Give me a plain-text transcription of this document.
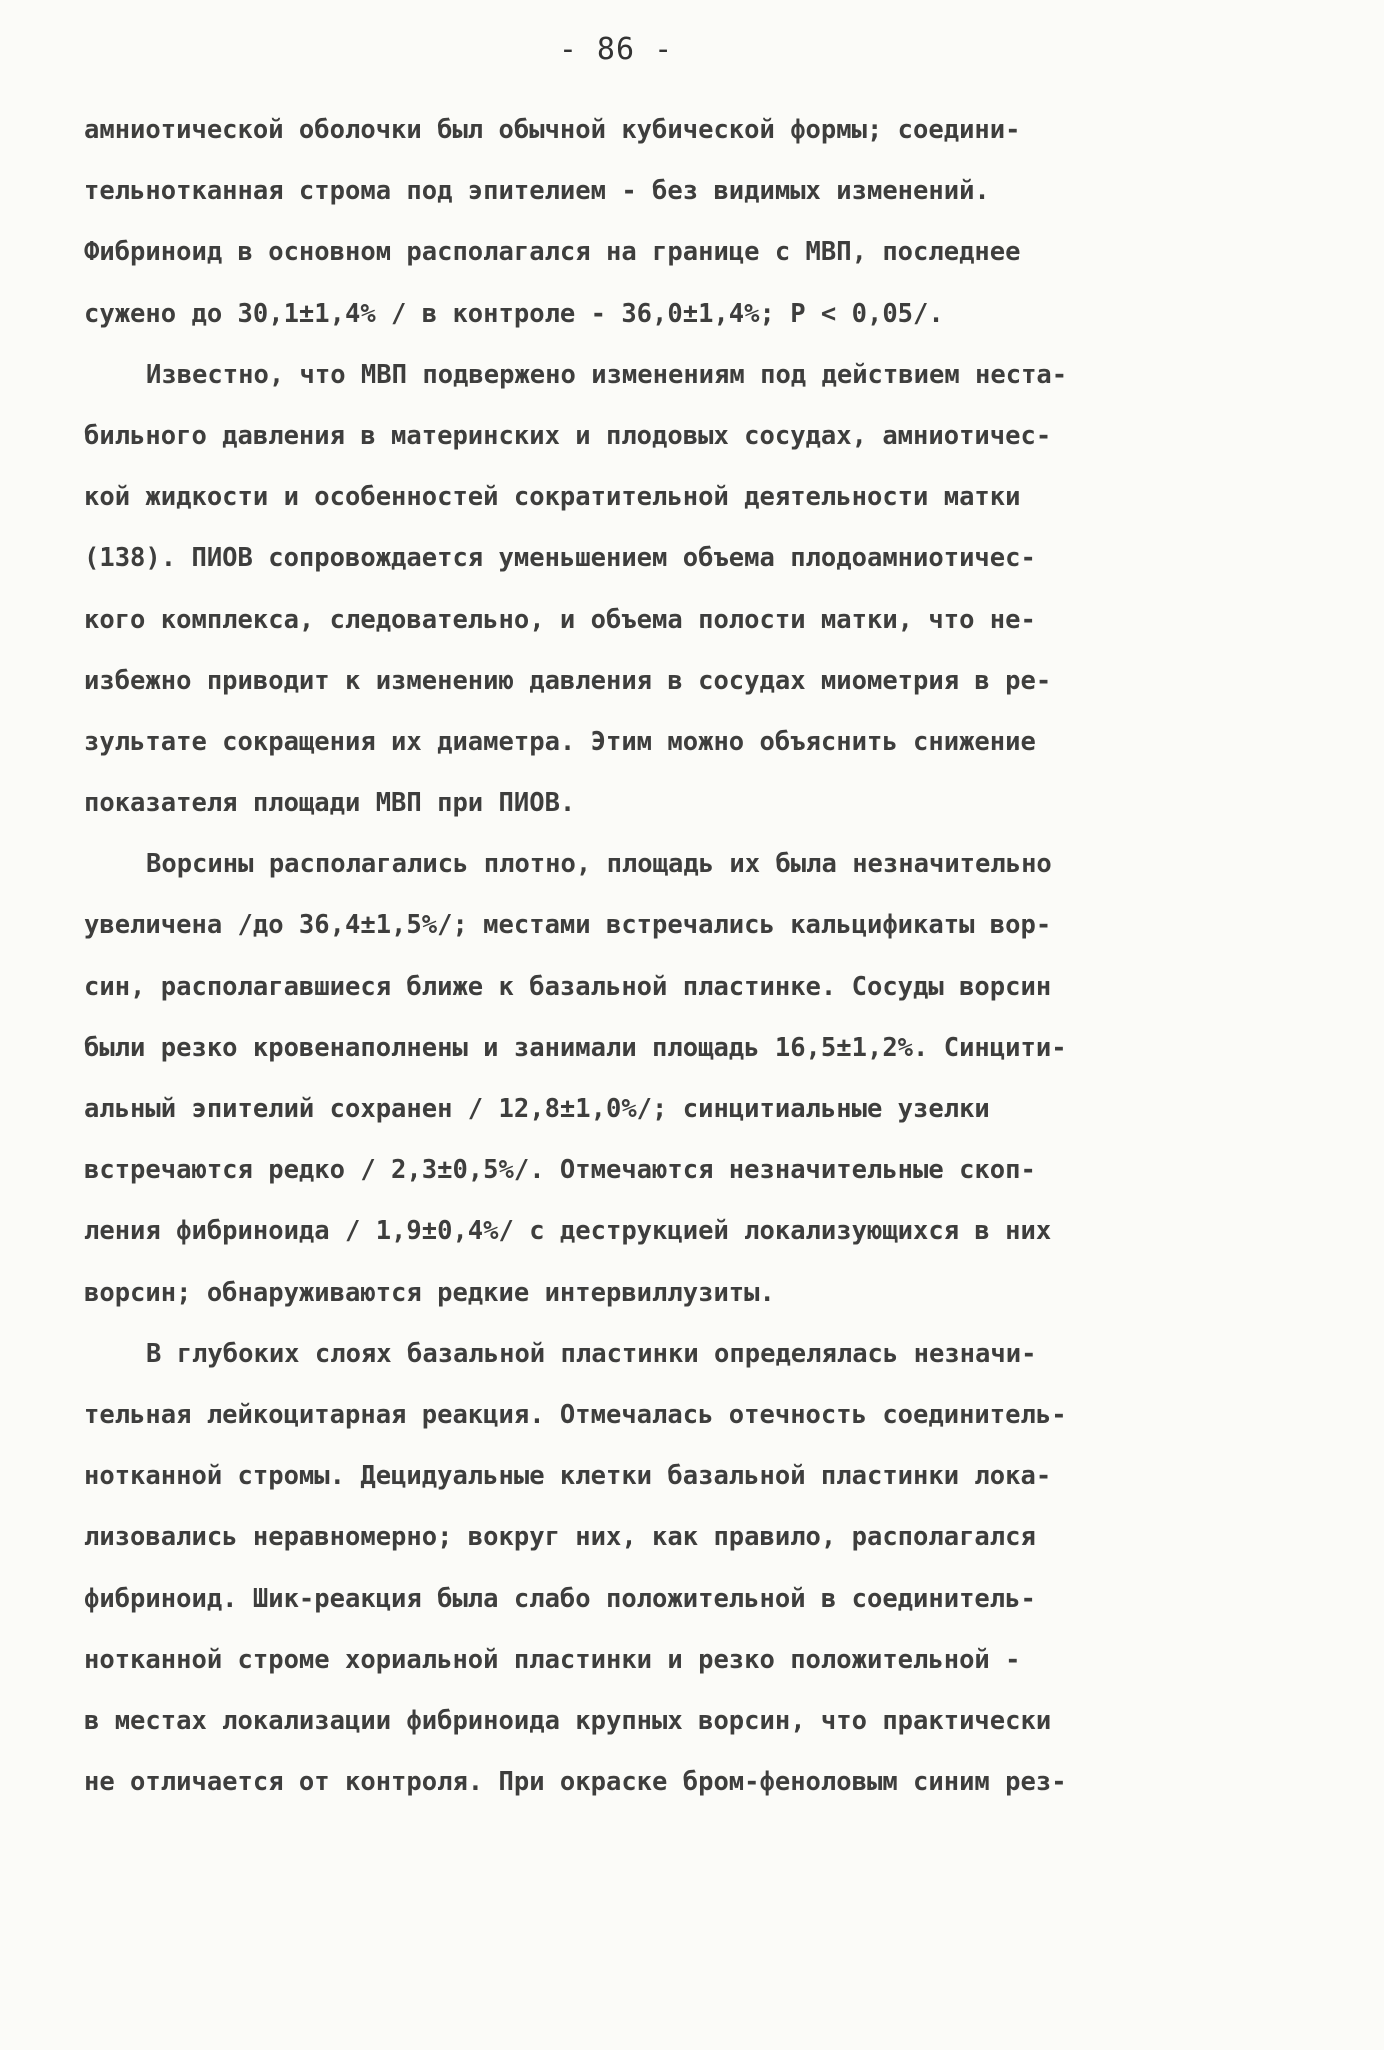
- 86 -
амниотической оболочки был обычной кубической формы; соедини-
тельнотканная строма под эпителием - без видимых изменений.
Фибриноид в основном располагался на границе с МВП, последнее
сужено до 30,1±1,4% / в контроле - 36,0±1,4%; P < 0,05/.
Известно, что МВП подвержено изменениям под действием неста-
бильного давления в материнских и плодовых сосудах, амниотичес-
кой жидкости и особенностей сократительной деятельности матки
(138). ПИОВ сопровождается уменьшением объема плодоамниотичес-
кого комплекса, следовательно, и объема полости матки, что не-
избежно приводит к изменению давления в сосудах миометрия в ре-
зультате сокращения их диаметра. Этим можно объяснить снижение
показателя площади МВП при ПИОВ.
Ворсины располагались плотно, площадь их была незначительно
увеличена /до 36,4±1,5%/; местами встречались кальцификаты вор-
син, располагавшиеся ближе к базальной пластинке. Сосуды ворсин
были резко кровенаполнены и занимали площадь 16,5±1,2%. Синцити-
альный эпителий сохранен / 12,8±1,0%/; синцитиальные узелки
встречаются редко / 2,3±0,5%/. Отмечаются незначительные скоп-
ления фибриноида / 1,9±0,4%/ с деструкцией локализующихся в них
ворсин; обнаруживаются редкие интервиллузиты.
В глубоких слоях базальной пластинки определялась незначи-
тельная лейкоцитарная реакция. Отмечалась отечность соединитель-
нотканной стромы. Децидуальные клетки базальной пластинки лока-
лизовались неравномерно; вокруг них, как правило, располагался
фибриноид. Шик-реакция была слабо положительной в соединитель-
нотканной строме хориальной пластинки и резко положительной -
в местах локализации фибриноида крупных ворсин, что практически
не отличается от контроля. При окраске бром-феноловым синим рез-
